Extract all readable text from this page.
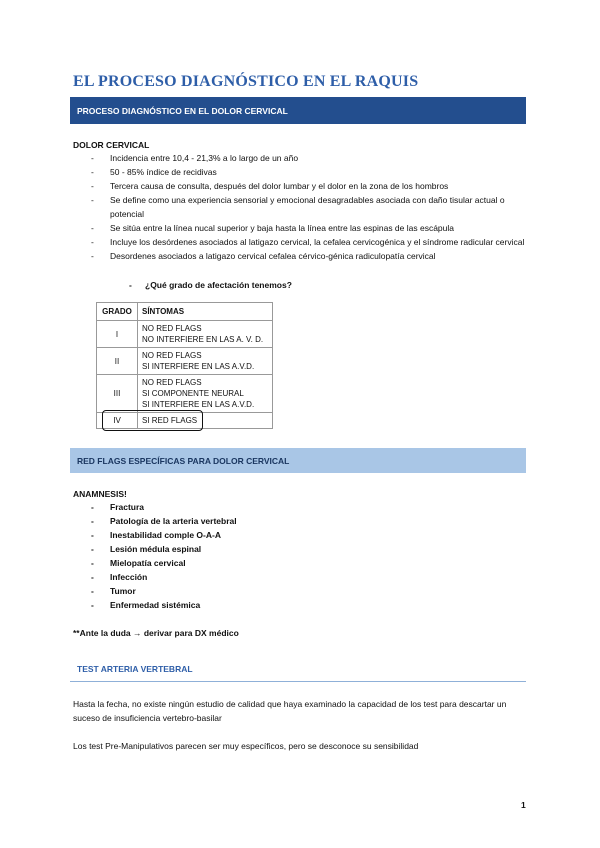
EL PROCESO DIAGNÓSTICO EN EL RAQUIS
PROCESO DIAGNÓSTICO EN EL DOLOR CERVICAL
DOLOR CERVICAL
- Incidencia entre 10,4 - 21,3% a lo largo de un año
- 50 - 85% índice de recidivas
- Tercera causa de consulta, después del dolor lumbar y el dolor en la zona de los hombros
- Se define como una experiencia sensorial y emocional desagradables asociada con daño tisular actual o potencial
- Se sitúa entre la línea nucal superior y baja hasta la línea entre las espinas de las escápula
- Incluye los desórdenes asociados al latigazo cervical, la cefalea cervicogénica y el síndrome radicular cervical
- Desordenes asociados a latigazo cervical cefalea cérvico-génica radiculopatía cervical
- ¿Qué grado de afectación tenemos?
GRADO	SÍNTOMAS
I	NO RED FLAGS
NO INTERFIERE EN LAS A. V. D.

II	NO RED FLAGS
SI INTERFIERE EN LAS A.V.D.

III	NO RED FLAGS
SI COMPONENTE NEURAL
SI INTERFIERE EN LAS A.V.D.

IV	SI RED FLAGS
RED FLAGS ESPECÍFICAS PARA DOLOR CERVICAL
ANAMNESIS!
- Fractura
- Patología de la arteria vertebral
- Inestabilidad comple O-A-A
- Lesión médula espinal
- Mielopatía cervical
- Infección
- Tumor
- Enfermedad sistémica
**Ante la duda → derivar para DX médico
TEST ARTERIA VERTEBRAL

Hasta la fecha, no existe ningún estudio de calidad que haya examinado la capacidad de los test para descartar un suceso de insuficiencia vertebro-basilar

Los test Pre-Manipulativos parecen ser muy específicos, pero se desconoce su sensibilidad

1
